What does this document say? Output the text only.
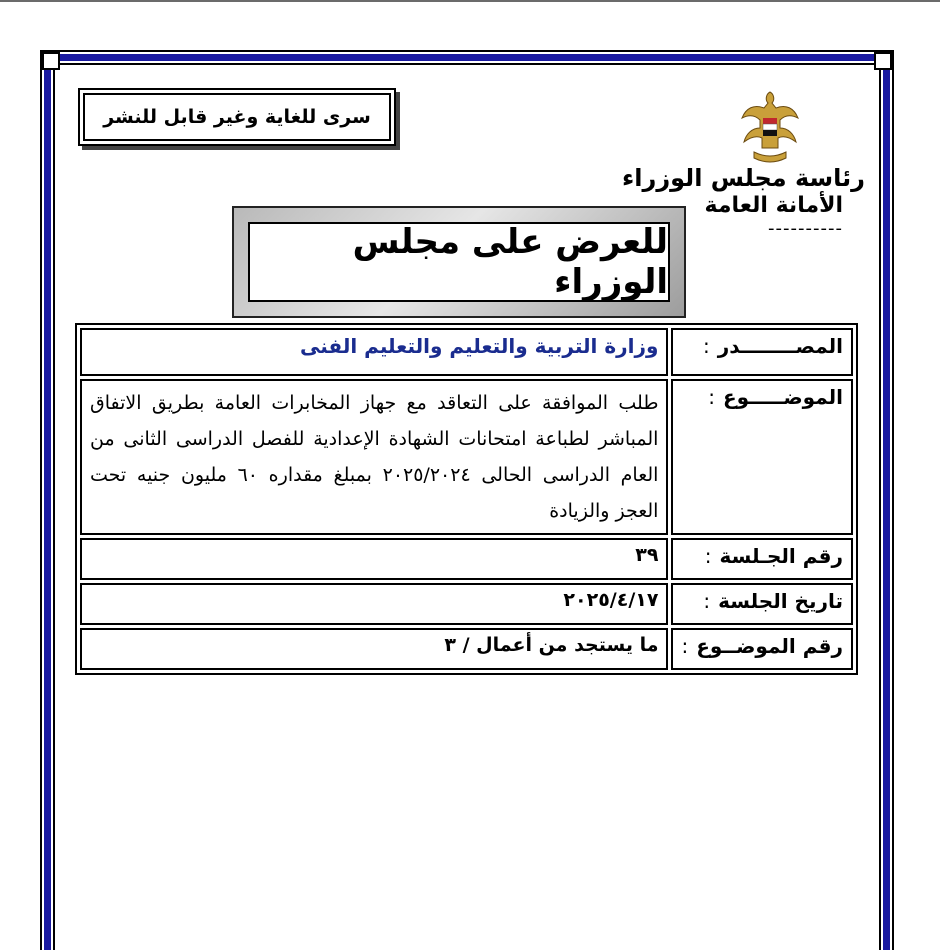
سرى للغاية وغير قابل للنشر
رئاسة مجلس الوزراء
الأمانة العامة
----------
للعرض على مجلس الوزراء
المصــــــــدر:	وزارة التربية والتعليم والتعليم الفنى
الموضـــــوع:	طلب الموافقة على التعاقد مع جهاز المخابرات العامة بطريق الاتفاق المباشر لطباعة امتحانات الشهادة الإعدادية للفصل الدراسى الثانى من العام الدراسى الحالى ٢٠٢٥/٢٠٢٤ بمبلغ مقداره ٦٠ مليون جنيه تحت العجز والزيادة
رقم الجـلسة:	٣٩
تاريخ الجلسة:	٢٠٢٥/٤/١٧
رقم الموضــوع:	ما يستجد من أعمال / ٣
